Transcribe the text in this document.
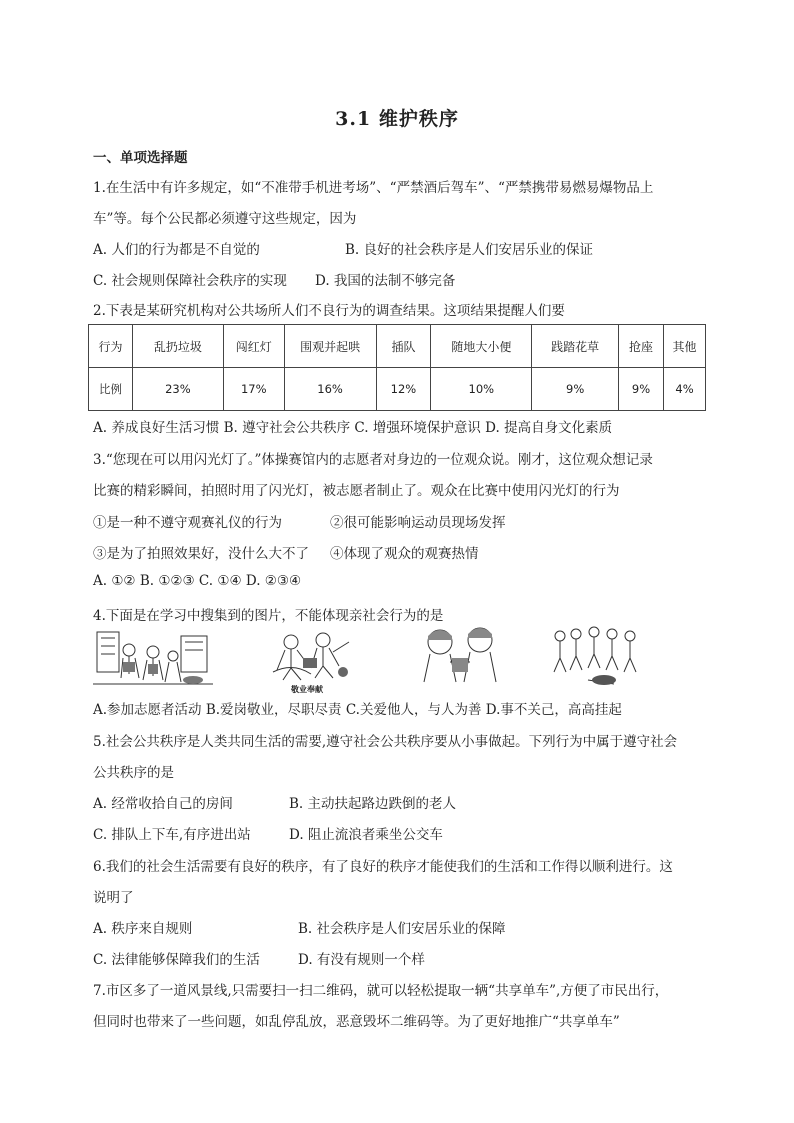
3.1 维护秩序
一、单项选择题
1.在生活中有许多规定，如“不准带手机进考场”、“严禁酒后驾车”、“严禁携带易燃易爆物品上
车”等。每个公民都必须遵守这些规定，因为
A. 人们的行为都是不自觉的	B. 良好的社会秩序是人们安居乐业的保证
C. 社会规则保障社会秩序的实现 D. 我国的法制不够完备
2.下表是某研究机构对公共场所人们不良行为的调查结果。这项结果提醒人们要
行为	乱扔垃圾	闯红灯	围观并起哄	插队	随地大小便	践踏花草	抢座	其他
比例	23%	17%	16%	12%	10%	9%	9%	4%
A. 养成良好生活习惯 B. 遵守社会公共秩序 C. 增强环境保护意识 D. 提高自身文化素质
3.“您现在可以用闪光灯了。”体操赛馆内的志愿者对身边的一位观众说。刚才，这位观众想记录
比赛的精彩瞬间，拍照时用了闪光灯，被志愿者制止了。观众在比赛中使用闪光灯的行为
①是一种不遵守观赛礼仪的行为	②很可能影响运动员现场发挥
③是为了拍照效果好，没什么大不了 ④体现了观众的观赛热情
A. ①② B. ①②③ C. ①④ D. ②③④
4.下面是在学习中搜集到的图片，不能体现亲社会行为的是
敬业奉献
A.参加志愿者活动 B.爱岗敬业，尽职尽责 C.关爱他人，与人为善 D.事不关己，高高挂起
5.社会公共秩序是人类共同生活的需要,遵守社会公共秩序要从小事做起。下列行为中属于遵守社会
公共秩序的是
A. 经常收拾自己的房间	B. 主动扶起路边跌倒的老人
C. 排队上下车,有序进出站	D. 阻止流浪者乘坐公交车
6.我们的社会生活需要有良好的秩序，有了良好的秩序才能使我们的生活和工作得以顺利进行。这
说明了
A. 秩序来自规则	B. 社会秩序是人们安居乐业的保障
C. 法律能够保障我们的生活	D. 有没有规则一个样
7.市区多了一道风景线,只需要扫一扫二维码，就可以轻松提取一辆“共享单车”,方便了市民出行，
但同时也带来了一些问题，如乱停乱放，恶意毁坏二维码等。为了更好地推广“共享单车”
